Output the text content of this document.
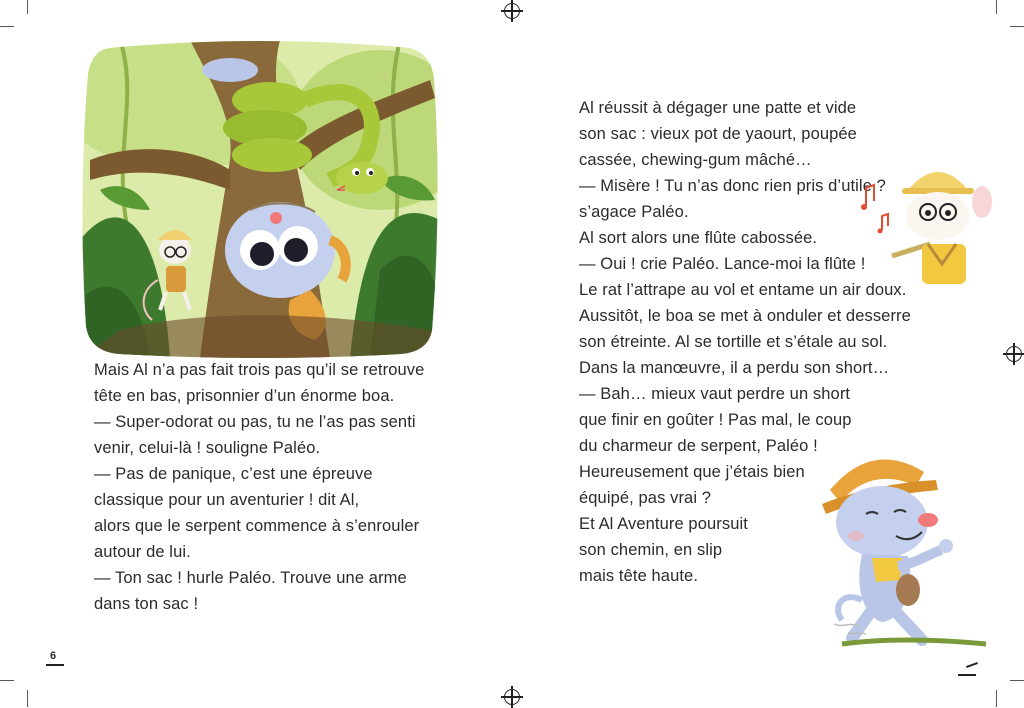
Mais Al n’a pas fait trois pas qu’il se retrouve

tête en bas, prisonnier d’un énorme boa.

— Super-odorat ou pas, tu ne l’as pas senti

venir, celui-là ! souligne Paléo.

— Pas de panique, c’est une épreuve

classique pour un aventurier ! dit Al,

alors que le serpent commence à s’enrouler

autour de lui.

— Ton sac ! hurle Paléo. Trouve une arme

dans ton sac !

6

Al réussit à dégager une patte et vide

son sac : vieux pot de yaourt, poupée

cassée, chewing-gum mâché…

— Misère ! Tu n’as donc rien pris d’utile ?

s’agace Paléo.

Al sort alors une flûte cabossée.

— Oui ! crie Paléo. Lance-moi la flûte !

Le rat l’attrape au vol et entame un air doux.

Aussitôt, le boa se met à onduler et desserre

son étreinte. Al se tortille et s’étale au sol.

Dans la manœuvre, il a perdu son short…

— Bah… mieux vaut perdre un short

que finir en goûter ! Pas mal, le coup

du charmeur de serpent, Paléo !

Heureusement que j’étais bien

équipé, pas vrai ?

Et Al Aventure poursuit

son chemin, en slip

mais tête haute.
